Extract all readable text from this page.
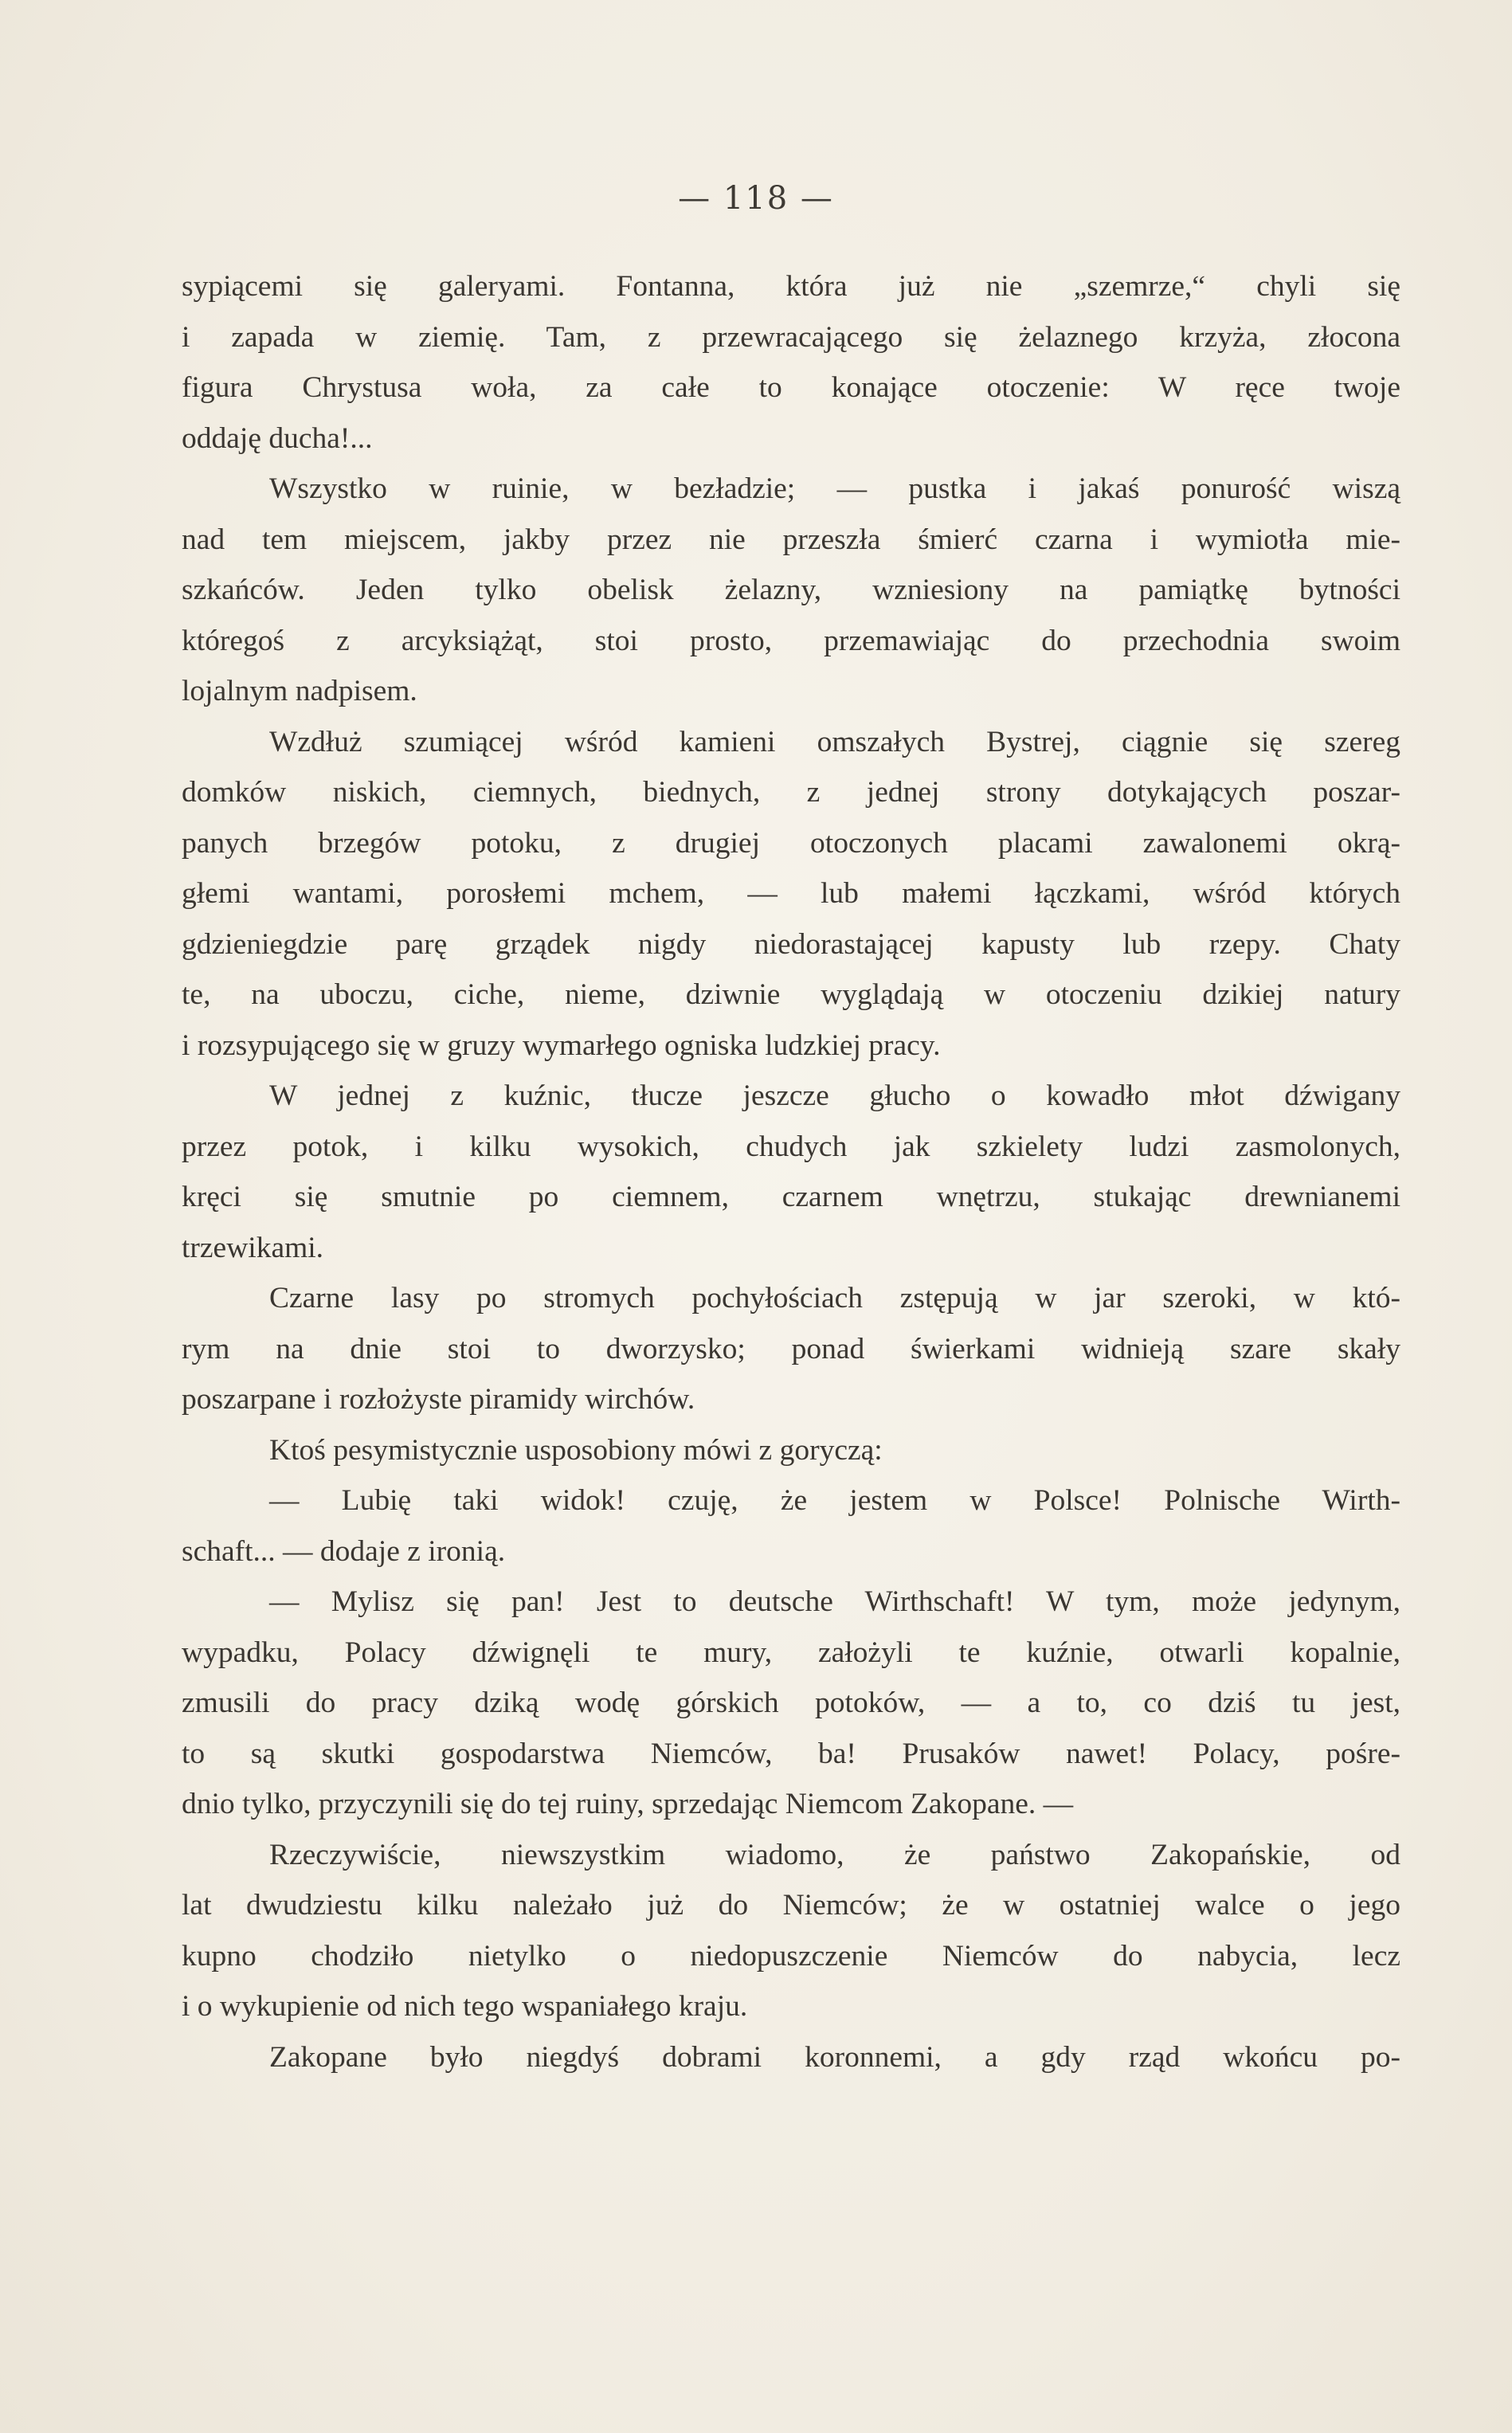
— 118 —
sypiącemi się galeryami. Fontanna, która już nie „szemrze,“ chyli się
i zapada w ziemię. Tam, z przewracającego się żelaznego krzyża, złocona
figura Chrystusa woła, za całe to konające otoczenie: W ręce twoje
oddaję ducha!...
Wszystko w ruinie, w bezładzie; — pustka i jakaś ponurość wiszą
nad tem miejscem, jakby przez nie przeszła śmierć czarna i wymiotła mie-
szkańców. Jeden tylko obelisk żelazny, wzniesiony na pamiątkę bytności
któregoś z arcyksiążąt, stoi prosto, przemawiając do przechodnia swoim
lojalnym nadpisem.
Wzdłuż szumiącej wśród kamieni omszałych Bystrej, ciągnie się szereg
domków niskich, ciemnych, biednych, z jednej strony dotykających poszar-
panych brzegów potoku, z drugiej otoczonych placami zawalonemi okrą-
głemi wantami, porosłemi mchem, — lub małemi łączkami, wśród których
gdzieniegdzie parę grządek nigdy niedorastającej kapusty lub rzepy. Chaty
te, na uboczu, ciche, nieme, dziwnie wyglądają w otoczeniu dzikiej natury
i rozsypującego się w gruzy wymarłego ogniska ludzkiej pracy.
W jednej z kuźnic, tłucze jeszcze głucho o kowadło młot dźwigany
przez potok, i kilku wysokich, chudych jak szkielety ludzi zasmolonych,
kręci się smutnie po ciemnem, czarnem wnętrzu, stukając drewnianemi
trzewikami.
Czarne lasy po stromych pochyłościach zstępują w jar szeroki, w któ-
rym na dnie stoi to dworzysko; ponad świerkami widnieją szare skały
poszarpane i rozłożyste piramidy wirchów.
Ktoś pesymistycznie usposobiony mówi z goryczą:
— Lubię taki widok! czuję, że jestem w Polsce! Polnische Wirth-
schaft... — dodaje z ironią.
— Mylisz się pan! Jest to deutsche Wirthschaft! W tym, może jedynym,
wypadku, Polacy dźwignęli te mury, założyli te kuźnie, otwarli kopalnie,
zmusili do pracy dziką wodę górskich potoków, — a to, co dziś tu jest,
to są skutki gospodarstwa Niemców, ba! Prusaków nawet! Polacy, pośre-
dnio tylko, przyczynili się do tej ruiny, sprzedając Niemcom Zakopane. —
Rzeczywiście, niewszystkim wiadomo, że państwo Zakopańskie, od
lat dwudziestu kilku należało już do Niemców; że w ostatniej walce o jego
kupno chodziło nietylko o niedopuszczenie Niemców do nabycia, lecz
i o wykupienie od nich tego wspaniałego kraju.
Zakopane było niegdyś dobrami koronnemi, a gdy rząd wkońcu po-
